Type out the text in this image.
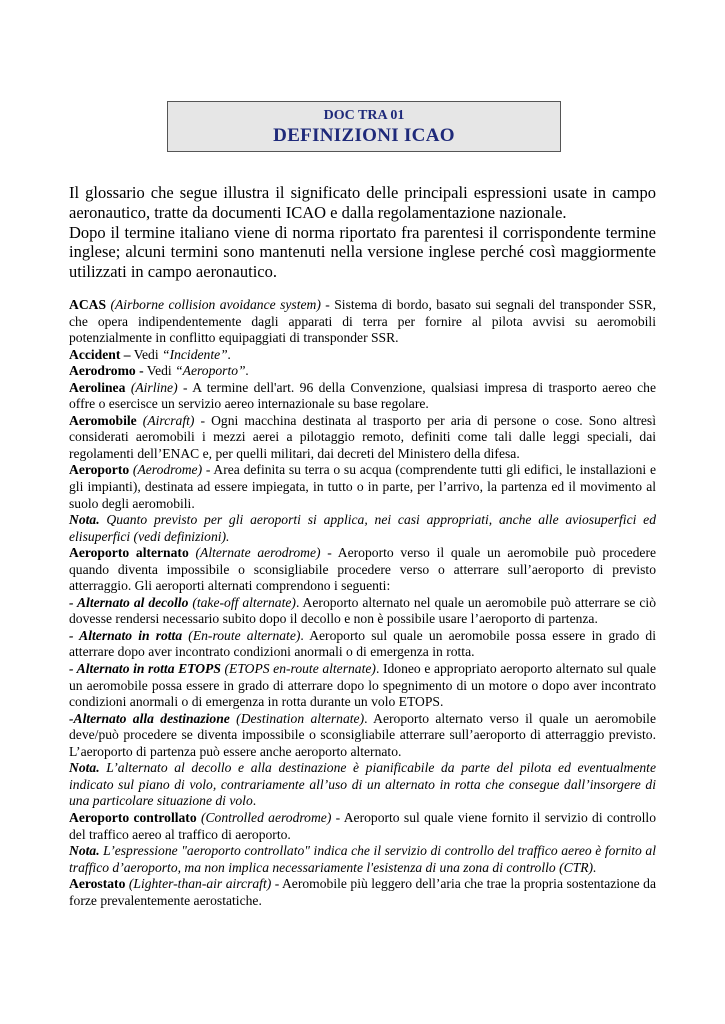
DOC TRA 01
DEFINIZIONI ICAO

Il glossario che segue illustra il significato delle principali espressioni usate in campo aeronautico, tratte da documenti ICAO e dalla regolamentazione nazionale.

Dopo il termine italiano viene di norma riportato fra parentesi il corrispondente termine inglese; alcuni termini sono mantenuti nella versione inglese perché così maggiormente utilizzati in campo aeronautico.

ACAS (Airborne collision avoidance system) - Sistema di bordo, basato sui segnali del transponder SSR, che opera indipendentemente dagli apparati di terra per fornire al pilota avvisi su aeromobili potenzialmente in conflitto equipaggiati di transponder SSR.

Accident – Vedi “Incidente”.

Aerodromo - Vedi “Aeroporto”.

Aerolinea (Airline) - A termine dell'art. 96 della Convenzione, qualsiasi impresa di trasporto aereo che offre o esercisce un servizio aereo internazionale su base regolare.

Aeromobile (Aircraft) - Ogni macchina destinata al trasporto per aria di persone o cose. Sono altresì considerati aeromobili i mezzi aerei a pilotaggio remoto, definiti come tali dalle leggi speciali, dai regolamenti dell’ENAC e, per quelli militari, dai decreti del Ministero della difesa.

Aeroporto (Aerodrome) - Area definita su terra o su acqua (comprendente tutti gli edifici, le installazioni e gli impianti), destinata ad essere impiegata, in tutto o in parte, per l’arrivo, la partenza ed il movimento al suolo degli aeromobili.

Nota. Quanto previsto per gli aeroporti si applica, nei casi appropriati, anche alle aviosuperfici ed elisuperfici (vedi definizioni).

Aeroporto alternato (Alternate aerodrome) - Aeroporto verso il quale un aeromobile può procedere quando diventa impossibile o sconsigliabile procedere verso o atterrare sull’aeroporto di previsto atterraggio. Gli aeroporti alternati comprendono i seguenti:

- Alternato al decollo (take-off alternate). Aeroporto alternato nel quale un aeromobile può atterrare se ciò dovesse rendersi necessario subito dopo il decollo e non è possibile usare l’aeroporto di partenza.

- Alternato in rotta (En-route alternate). Aeroporto sul quale un aeromobile possa essere in grado di atterrare dopo aver incontrato condizioni anormali o di emergenza in rotta.

- Alternato in rotta ETOPS (ETOPS en-route alternate). Idoneo e appropriato aeroporto alternato sul quale un aeromobile possa essere in grado di atterrare dopo lo spegnimento di un motore o dopo aver incontrato condizioni anormali o di emergenza in rotta durante un volo ETOPS.

-Alternato alla destinazione (Destination alternate). Aeroporto alternato verso il quale un aeromobile deve/può procedere se diventa impossibile o sconsigliabile atterrare sull’aeroporto di atterraggio previsto. L’aeroporto di partenza può essere anche aeroporto alternato.

Nota. L’alternato al decollo e alla destinazione è pianificabile da parte del pilota ed eventualmente indicato sul piano di volo, contrariamente all’uso di un alternato in rotta che consegue dall’insorgere di una particolare situazione di volo.

Aeroporto controllato (Controlled aerodrome) - Aeroporto sul quale viene fornito il servizio di controllo del traffico aereo al traffico di aeroporto.

Nota. L’espressione "aeroporto controllato" indica che il servizio di controllo del traffico aereo è fornito al traffico d’aeroporto, ma non implica necessariamente l'esistenza di una zona di controllo (CTR).

Aerostato (Lighter-than-air aircraft) - Aeromobile più leggero dell’aria che trae la propria sostentazione da forze prevalentemente aerostatiche.
